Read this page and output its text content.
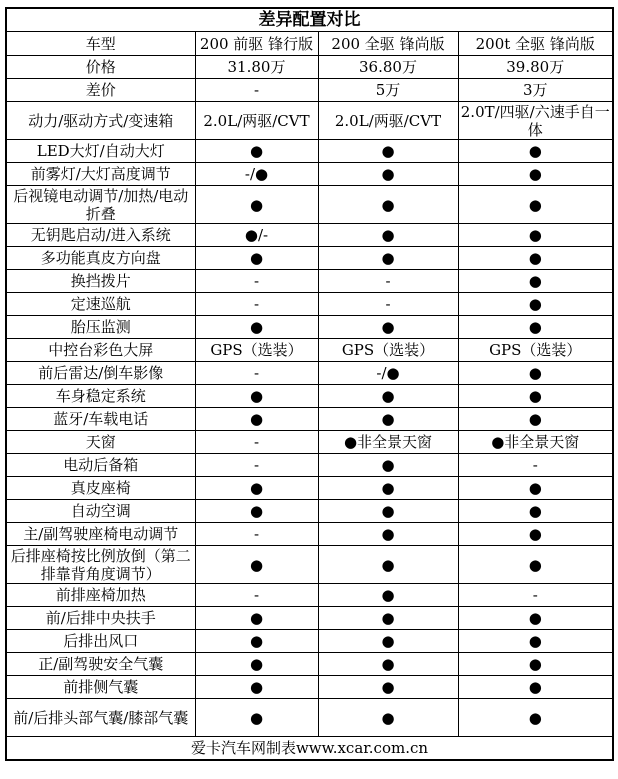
差异配置对比			
车型	200 前驱 锋行版	200 全驱 锋尚版	200t 全驱 锋尚版
价格	31.80万	36.80万	39.80万
差价	-	5万	3万
动力/驱动方式/变速箱	2.0L/两驱/CVT	2.0L/两驱/CVT	2.0T/四驱/六速手自一体
LED大灯/自动大灯	●	●	●
前雾灯/大灯高度调节	-/●	●	●
后视镜电动调节/加热/电动折叠	●	●	●
无钥匙启动/进入系统	●/-	●	●
多功能真皮方向盘	●	●	●
换挡拨片	-	-	●
定速巡航	-	-	●
胎压监测	●	●	●
中控台彩色大屏	GPS（选装）	GPS（选装）	GPS（选装）
前后雷达/倒车影像	-	-/●	●
车身稳定系统	●	●	●
蓝牙/车载电话	●	●	●
天窗	-	●非全景天窗	●非全景天窗
电动后备箱	-	●	-
真皮座椅	●	●	●
自动空调	●	●	●
主/副驾驶座椅电动调节	-	●	●
后排座椅按比例放倒（第二排靠背角度调节）	●	●	●
前排座椅加热	-	●	-
前/后排中央扶手	●	●	●
后排出风口	●	●	●
正/副驾驶安全气囊	●	●	●
前排侧气囊	●	●	●
前/后排头部气囊/膝部气囊	●	●	●
爱卡汽车网制表www.xcar.com.cn			
